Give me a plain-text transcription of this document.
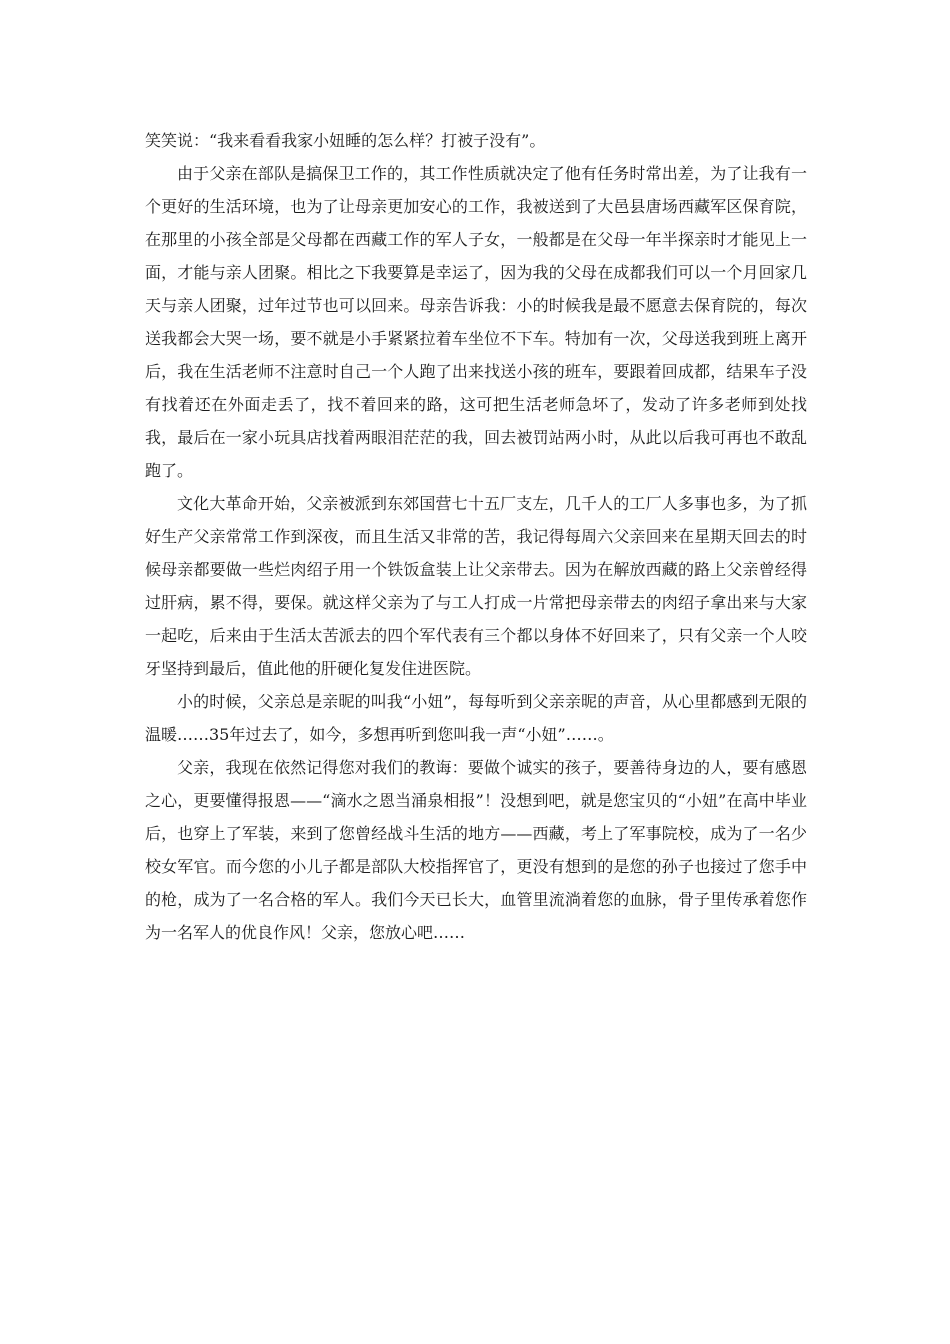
笑笑说：“我来看看我家小妞睡的怎么样？打被子没有”。

由于父亲在部队是搞保卫工作的，其工作性质就决定了他有任务时常出差，为了让我有一个更好的生活环境，也为了让母亲更加安心的工作，我被送到了大邑县唐场西藏军区保育院，在那里的小孩全部是父母都在西藏工作的军人子女，一般都是在父母一年半探亲时才能见上一面，才能与亲人团聚。相比之下我要算是幸运了，因为我的父母在成都我们可以一个月回家几天与亲人团聚，过年过节也可以回来。母亲告诉我：小的时候我是最不愿意去保育院的，每次送我都会大哭一场，要不就是小手紧紧拉着车坐位不下车。特加有一次，父母送我到班上离开后，我在生活老师不注意时自己一个人跑了出来找送小孩的班车，要跟着回成都，结果车子没有找着还在外面走丢了，找不着回来的路，这可把生活老师急坏了，发动了许多老师到处找我，最后在一家小玩具店找着两眼泪茫茫的我，回去被罚站两小时，从此以后我可再也不敢乱跑了。

文化大革命开始，父亲被派到东郊国营七十五厂支左，几千人的工厂人多事也多，为了抓好生产父亲常常工作到深夜，而且生活又非常的苦，我记得每周六父亲回来在星期天回去的时候母亲都要做一些烂肉绍子用一个铁饭盒装上让父亲带去。因为在解放西藏的路上父亲曾经得过肝病，累不得，要保。就这样父亲为了与工人打成一片常把母亲带去的肉绍子拿出来与大家一起吃，后来由于生活太苦派去的四个军代表有三个都以身体不好回来了，只有父亲一个人咬牙坚持到最后，值此他的肝硬化复发住进医院。

小的时候，父亲总是亲昵的叫我“小妞”，每每听到父亲亲昵的声音，从心里都感到无限的温暖……35年过去了，如今，多想再听到您叫我一声“小妞”……。

父亲，我现在依然记得您对我们的教诲：要做个诚实的孩子，要善待身边的人，要有感恩之心，更要懂得报恩——“滴水之恩当涌泉相报”！没想到吧，就是您宝贝的“小妞”在高中毕业后，也穿上了军装，来到了您曾经战斗生活的地方——西藏，考上了军事院校，成为了一名少校女军官。而今您的小儿子都是部队大校指挥官了，更没有想到的是您的孙子也接过了您手中的枪，成为了一名合格的军人。我们今天已长大，血管里流淌着您的血脉，骨子里传承着您作为一名军人的优良作风！父亲，您放心吧……
